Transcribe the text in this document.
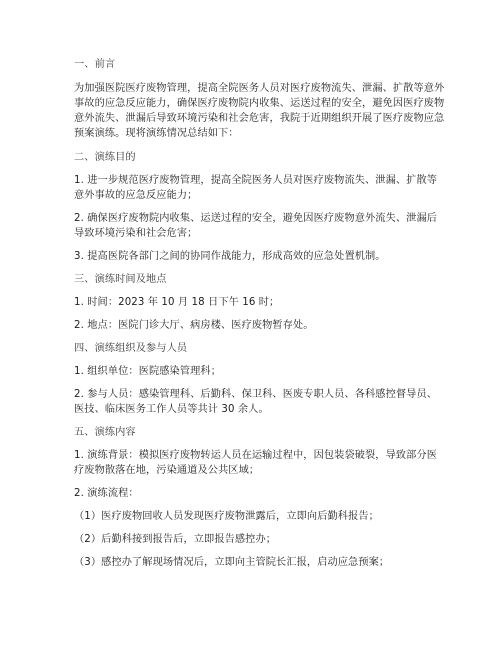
一、前言
为加强医院医疗废物管理，提高全院医务人员对医疗废物流失、泄漏、扩散等意外
事故的应急反应能力，确保医疗废物院内收集、运送过程的安全，避免因医疗废物
意外流失、泄漏后导致环境污染和社会危害，我院于近期组织开展了医疗废物应急
预案演练。现将演练情况总结如下：
二、演练目的
1. 进一步规范医疗废物管理，提高全院医务人员对医疗废物流失、泄漏、扩散等
意外事故的应急反应能力；
2. 确保医疗废物院内收集、运送过程的安全，避免因医疗废物意外流失、泄漏后
导致环境污染和社会危害；
3. 提高医院各部门之间的协同作战能力，形成高效的应急处置机制。
三、演练时间及地点
1. 时间：2023 年 10 月 18 日下午 16 时；
2. 地点：医院门诊大厅、病房楼、医疗废物暂存处。
四、演练组织及参与人员
1. 组织单位：医院感染管理科；
2. 参与人员：感染管理科、后勤科、保卫科、医废专职人员、各科感控督导员、
医技、临床医务工作人员等共计 30 余人。
五、演练内容
1. 演练背景：模拟医疗废物转运人员在运输过程中，因包装袋破裂，导致部分医
疗废物散落在地，污染通道及公共区域；
2. 演练流程：
（1）医疗废物回收人员发现医疗废物泄露后，立即向后勤科报告；
（2）后勤科接到报告后，立即报告感控办；
（3）感控办了解现场情况后，立即向主管院长汇报，启动应急预案；
